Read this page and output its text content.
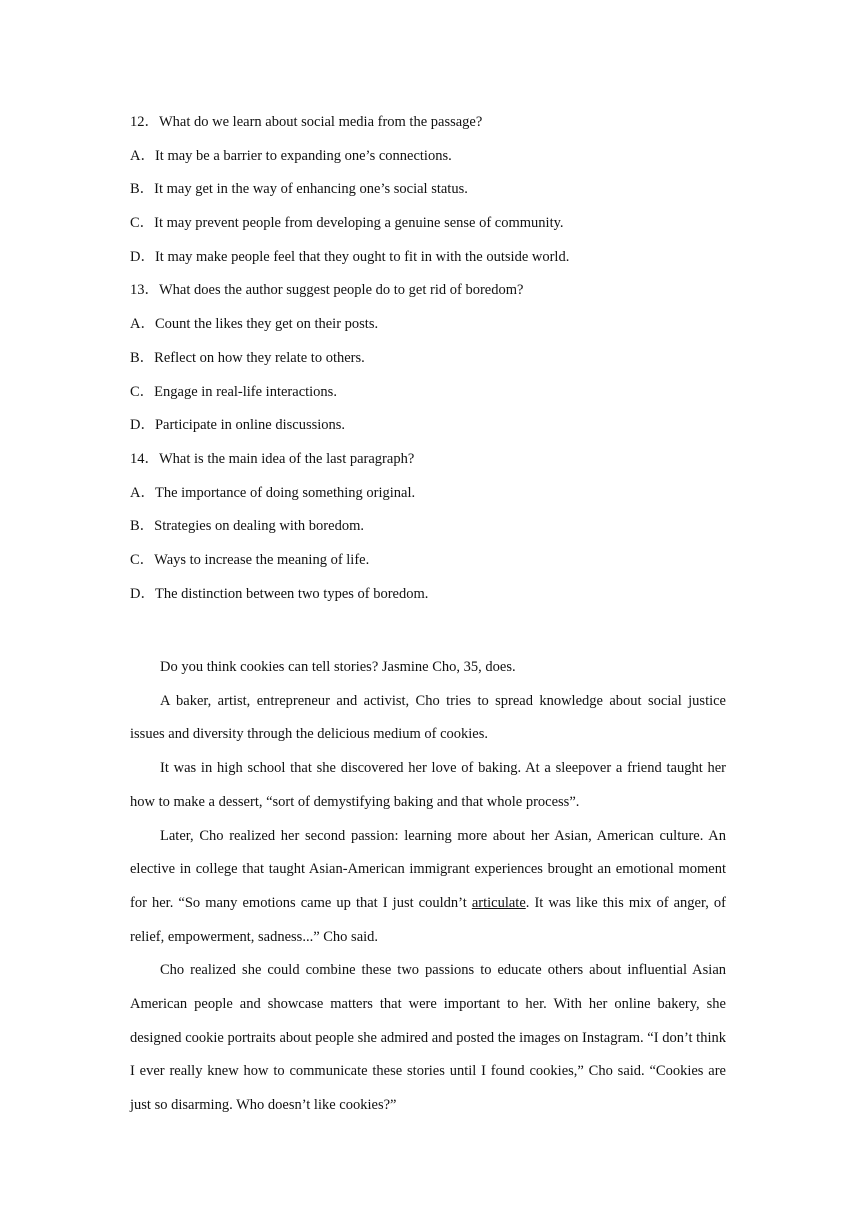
12．What do we learn about social media from the passage?
A．It may be a barrier to expanding one’s connections.
B．It may get in the way of enhancing one’s social status.
C．It may prevent people from developing a genuine sense of community.
D．It may make people feel that they ought to fit in with the outside world.
13．What does the author suggest people do to get rid of boredom?
A．Count the likes they get on their posts.
B．Reflect on how they relate to others.
C．Engage in real-life interactions.
D．Participate in online discussions.
14．What is the main idea of the last paragraph?
A．The importance of doing something original.
B．Strategies on dealing with boredom.
C．Ways to increase the meaning of life.
D．The distinction between two types of boredom.

Do you think cookies can tell stories? Jasmine Cho, 35, does.

A baker, artist, entrepreneur and activist, Cho tries to spread knowledge about social justice issues and diversity through the delicious medium of cookies.

It was in high school that she discovered her love of baking. At a sleepover a friend taught her how to make a dessert, “sort of demystifying baking and that whole process”.

Later, Cho realized her second passion: learning more about her Asian, American culture. An elective in college that taught Asian-American immigrant experiences brought an emotional moment for her. “So many emotions came up that I just couldn’t articulate. It was like this mix of anger, of relief, empowerment, sadness...” Cho said.

Cho realized she could combine these two passions to educate others about influential Asian American people and showcase matters that were important to her. With her online bakery, she designed cookie portraits about people she admired and posted the images on Instagram. “I don’t think I ever really knew how to communicate these stories until I found cookies,” Cho said. “Cookies are just so disarming. Who doesn’t like cookies?”
